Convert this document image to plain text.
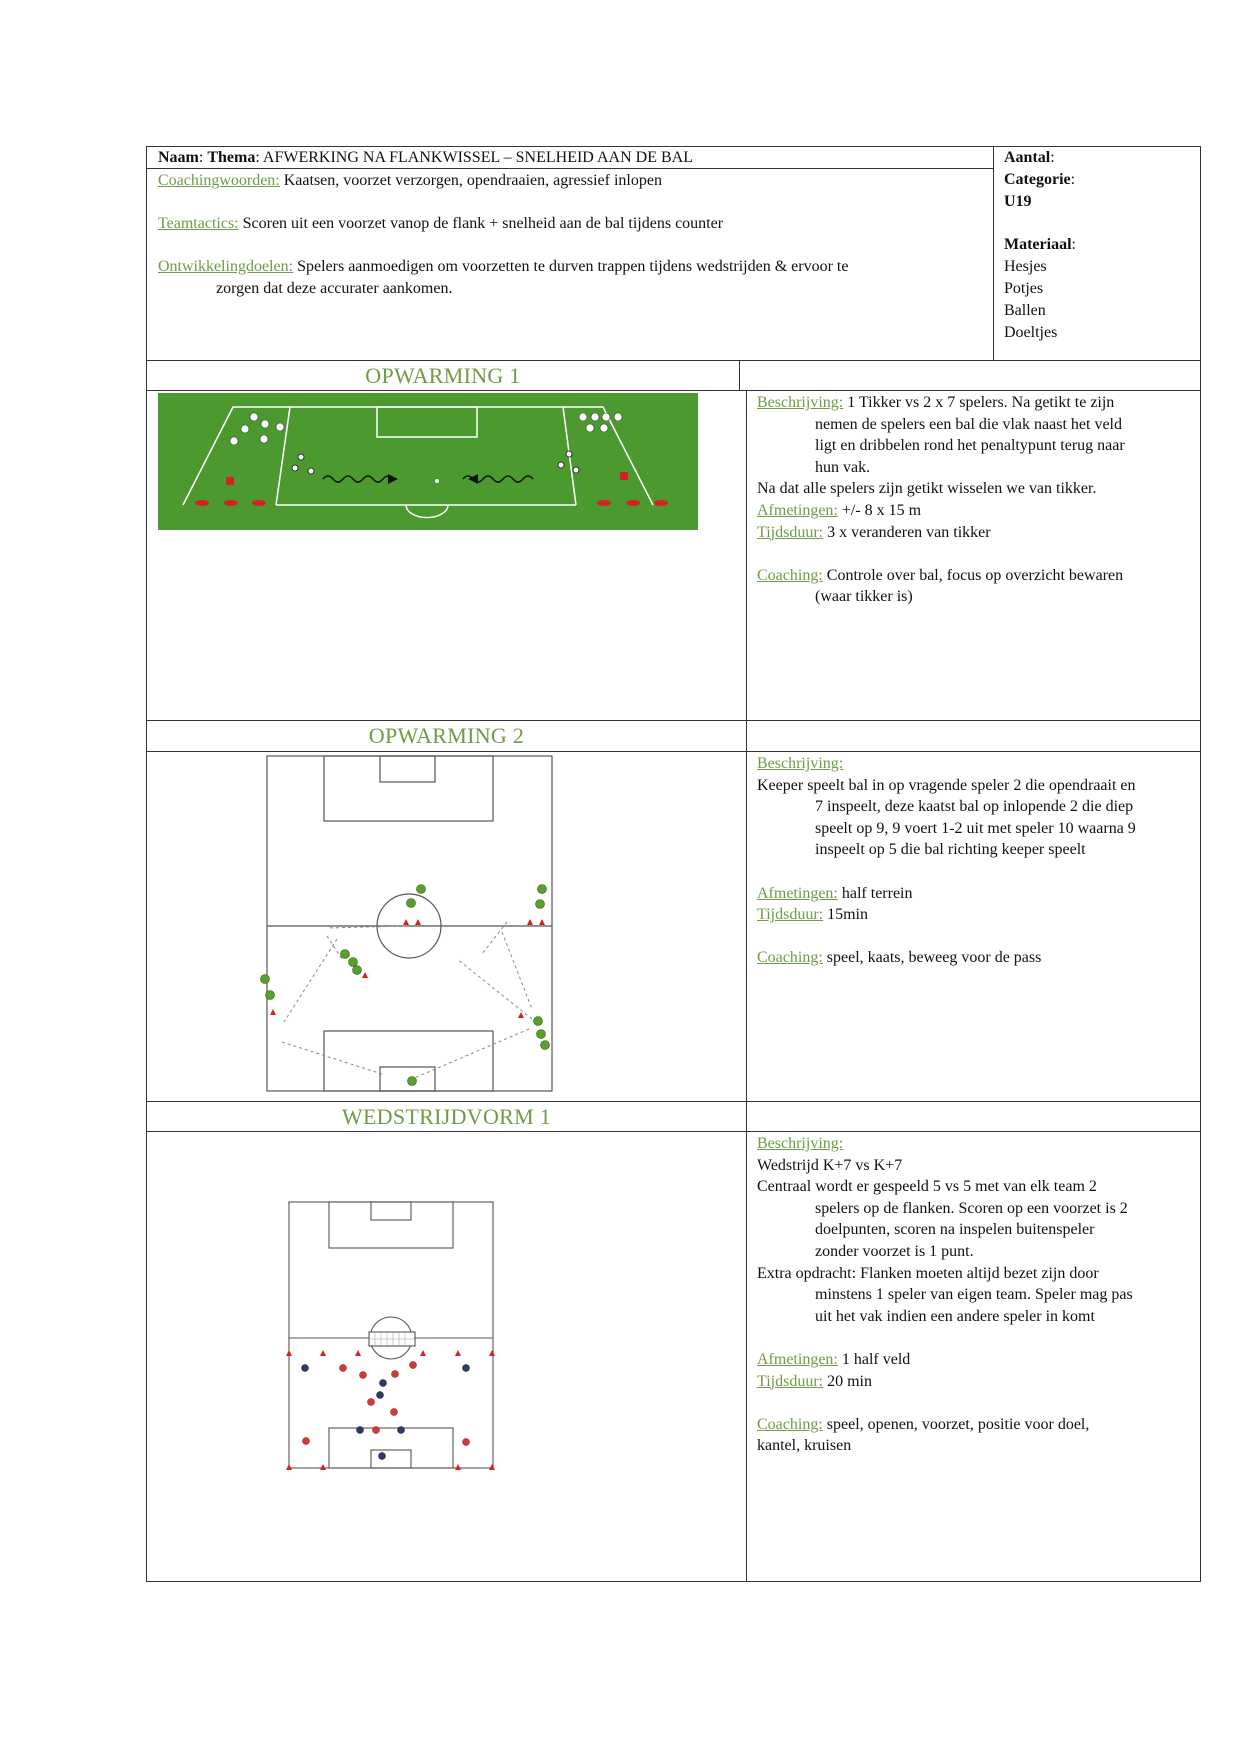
Naam: Thema: AFWERKING NA FLANKWISSEL – SNELHEID AAN DE BAL
Coachingwoorden: Kaatsen, voorzet verzorgen, opendraaien, agressief inlopen
Teamtactics: Scoren uit een voorzet vanop de flank + snelheid aan de bal tijdens counter
Ontwikkelingdoelen: Spelers aanmoedigen om voorzetten te durven trappen tijdens wedstrijden & ervoor te
zorgen dat deze accurater aankomen.
Aantal:
Categorie:
U19
Materiaal:
Hesjes
Potjes
Ballen
Doeltjes
OPWARMING 1
OPWARMING 2
WEDSTRIJDVORM 1
Beschrijving: 1 Tikker vs 2 x 7 spelers. Na getikt te zijn
nemen de spelers een bal die vlak naast het veld
ligt en dribbelen rond het penaltypunt terug naar
hun vak.
Na dat alle spelers zijn getikt wisselen we van tikker.
Afmetingen: +/- 8 x 15 m
Tijdsduur: 3 x veranderen van tikker
Coaching: Controle over bal, focus op overzicht bewaren
(waar tikker is)
Beschrijving:
Keeper speelt bal in op vragende speler 2 die opendraait en
7 inspeelt, deze kaatst bal op inlopende 2 die diep
speelt op 9, 9 voert 1-2 uit met speler 10 waarna 9
inspeelt op 5 die bal richting keeper speelt
Afmetingen: half terrein
Tijdsduur: 15min
Coaching: speel, kaats, beweeg voor de pass
Beschrijving:
Wedstrijd K+7 vs K+7
Centraal wordt er gespeeld 5 vs 5 met van elk team 2
spelers op de flanken. Scoren op een voorzet is 2
doelpunten, scoren na inspelen buitenspeler
zonder voorzet is 1 punt.
Extra opdracht: Flanken moeten altijd bezet zijn door
minstens 1 speler van eigen team. Speler mag pas
uit het vak indien een andere speler in komt
Afmetingen: 1 half veld
Tijdsduur: 20 min
Coaching: speel, openen, voorzet, positie voor doel,
kantel, kruisen
